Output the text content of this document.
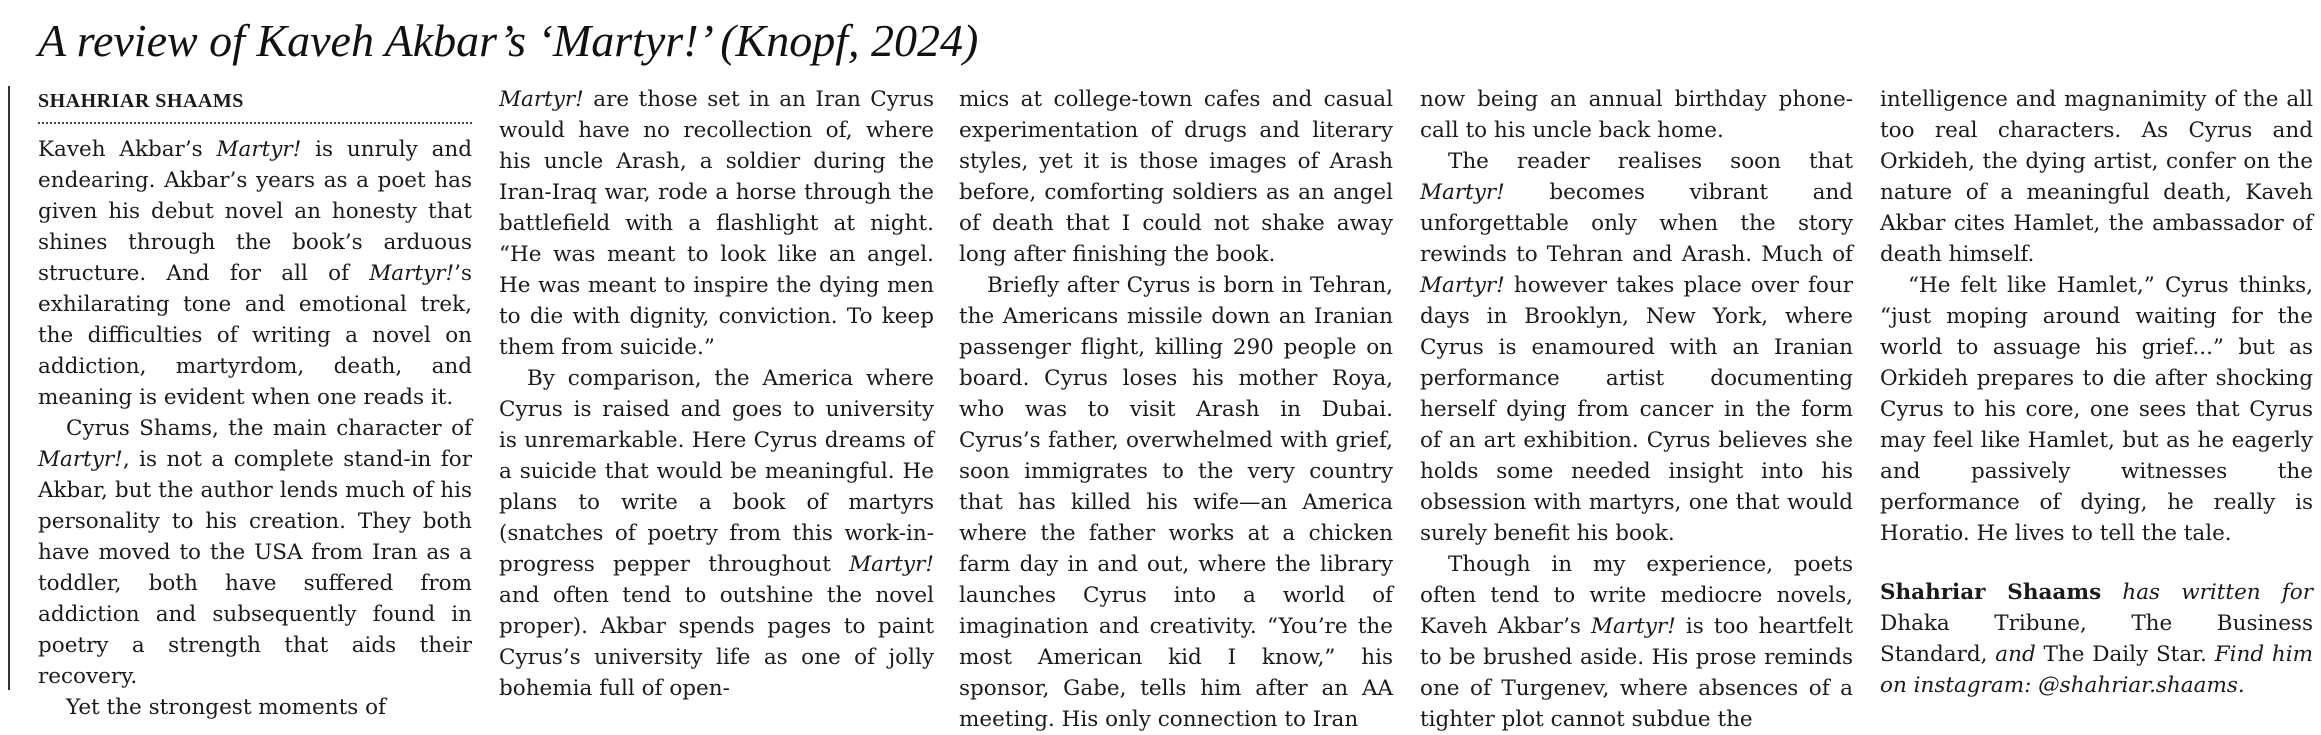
A review of Kaveh Akbar’s ‘Martyr!’ (Knopf, 2024)
SHAHRIAR SHAAMS

Kaveh Akbar’s Martyr! is unruly and endearing. Akbar’s years as a poet has given his debut novel an honesty that shines through the book’s arduous structure. And for all of Martyr!’s exhilarating tone and emotional trek, the difficulties of writing a novel on addiction, martyrdom, death, and meaning is evident when one reads it.

Cyrus Shams, the main character of Martyr!, is not a complete stand-in for Akbar, but the author lends much of his personality to his creation. They both have moved to the USA from Iran as a toddler, both have suffered from addiction and subsequently found in poetry a strength that aids their recovery.

Yet the strongest moments of

Martyr! are those set in an Iran Cyrus would have no recollection of, where his uncle Arash, a soldier during the Iran-Iraq war, rode a horse through the battlefield with a flashlight at night. “He was meant to look like an angel. He was meant to inspire the dying men to die with dignity, conviction. To keep them from suicide.”

By comparison, the America where Cyrus is raised and goes to university is unremarkable. Here Cyrus dreams of a suicide that would be meaningful. He plans to write a book of martyrs (snatches of poetry from this work-in-progress pepper throughout Martyr! and often tend to outshine the novel proper). Akbar spends pages to paint Cyrus’s university life as one of jolly bohemia full of open-

mics at college-town cafes and casual experimentation of drugs and literary styles, yet it is those images of Arash before, comforting soldiers as an angel of death that I could not shake away long after finishing the book.

Briefly after Cyrus is born in Tehran, the Americans missile down an Iranian passenger flight, killing 290 people on board. Cyrus loses his mother Roya, who was to visit Arash in Dubai. Cyrus’s father, overwhelmed with grief, soon immigrates to the very country that has killed his wife—an America where the father works at a chicken farm day in and out, where the library launches Cyrus into a world of imagination and creativity. “You’re the most American kid I know,” his sponsor, Gabe, tells him after an AA meeting. His only connection to Iran

now being an annual birthday phone-call to his uncle back home.

The reader realises soon that Martyr! becomes vibrant and unforgettable only when the story rewinds to Tehran and Arash. Much of Martyr! however takes place over four days in Brooklyn, New York, where Cyrus is enamoured with an Iranian performance artist documenting herself dying from cancer in the form of an art exhibition. Cyrus believes she holds some needed insight into his obsession with martyrs, one that would surely benefit his book.

Though in my experience, poets often tend to write mediocre novels, Kaveh Akbar’s Martyr! is too heartfelt to be brushed aside. His prose reminds one of Turgenev, where absences of a tighter plot cannot subdue the

intelligence and magnanimity of the all too real characters. As Cyrus and Orkideh, the dying artist, confer on the nature of a meaningful death, Kaveh Akbar cites Hamlet, the ambassador of death himself.

“He felt like Hamlet,” Cyrus thinks, “just moping around waiting for the world to assuage his grief...” but as Orkideh prepares to die after shocking Cyrus to his core, one sees that Cyrus may feel like Hamlet, but as he eagerly and passively witnesses the performance of dying, he really is Horatio. He lives to tell the tale.

Shahriar Shaams has written for Dhaka Tribune, The Business Standard, and The Daily Star. Find him on instagram: @shahriar.shaams.
